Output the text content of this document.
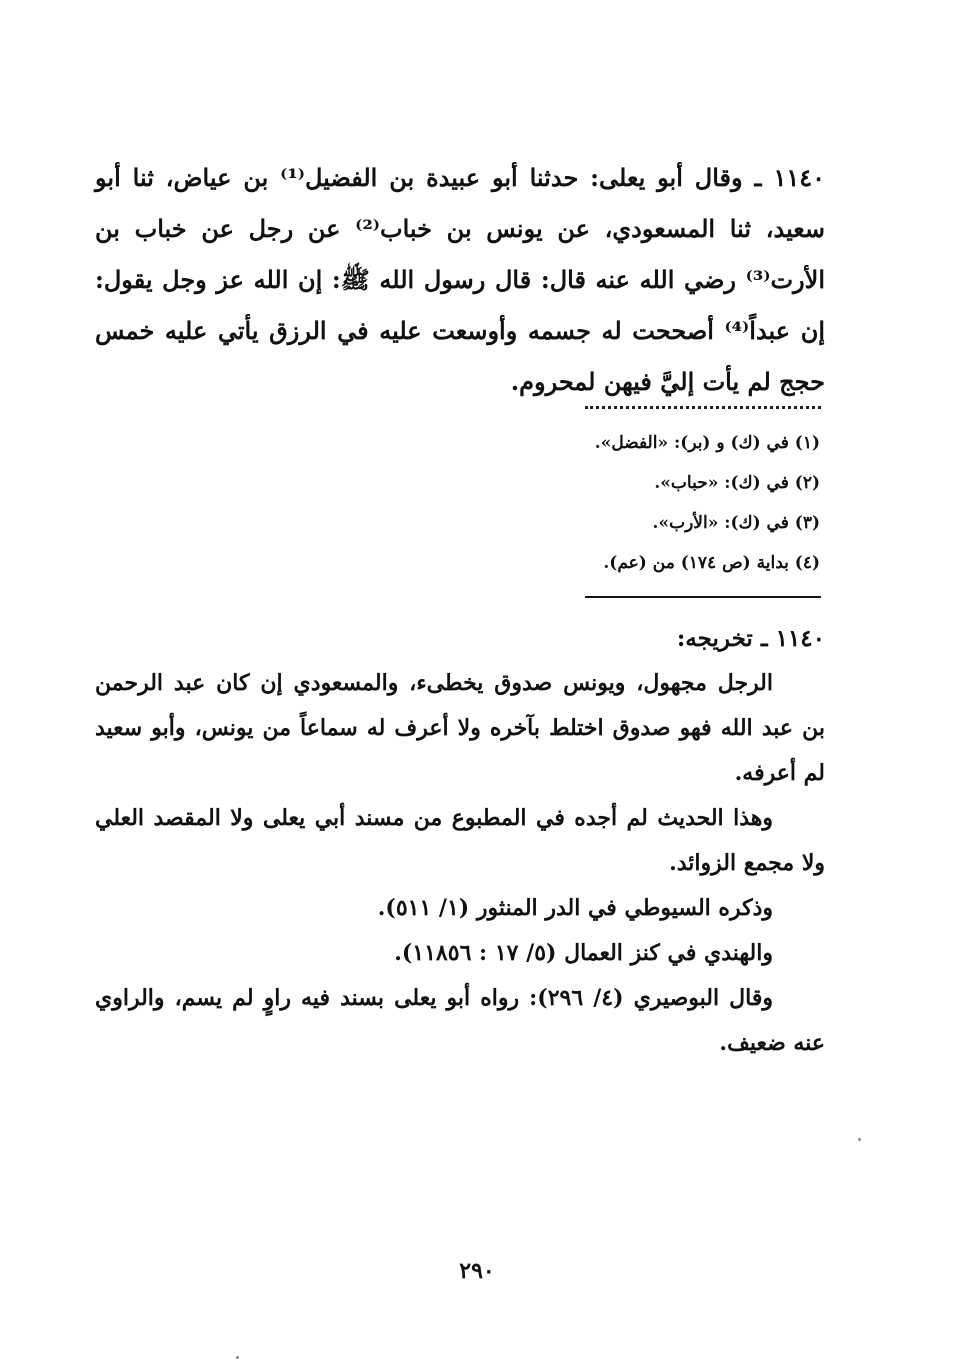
١١٤٠ ـ وقال أبو يعلى: حدثنا أبو عبيدة بن الفضيل⁽¹⁾ بن عياض، ثنا أبو سعيد، ثنا المسعودي، عن يونس بن خباب⁽²⁾ عن رجل عن خباب بن الأرت⁽³⁾ رضي الله عنه قال: قال رسول الله ﷺ: إن الله عز وجل يقول: إن عبداً⁽⁴⁾ أصححت له جسمه وأوسعت عليه في الرزق يأتي عليه خمس حجج لم يأت إليَّ فيهن لمحروم.

(١) في (ك) و (بر): «الفضل».
(٢) في (ك): «حباب».
(٣) في (ك): «الأرب».
(٤) بداية (ص ١٧٤) من (عم).
١١٤٠ ـ تخريجه:
الرجل مجهول، ويونس صدوق يخطىء، والمسعودي إن كان عبد الرحمن بن عبد الله فهو صدوق اختلط بآخره ولا أعرف له سماعاً من يونس، وأبو سعيد لم أعرفه.
وهذا الحديث لم أجده في المطبوع من مسند أبي يعلى ولا المقصد العلي ولا مجمع الزوائد.
وذكره السيوطي في الدر المنثور (١/ ٥١١).
والهندي في كنز العمال (٥/ ١٧ : ١١٨٥٦).
وقال البوصيري (٤/ ٢٩٦): رواه أبو يعلى بسند فيه راوٍ لم يسم، والراوي عنه ضعيف.
٢٩٠
